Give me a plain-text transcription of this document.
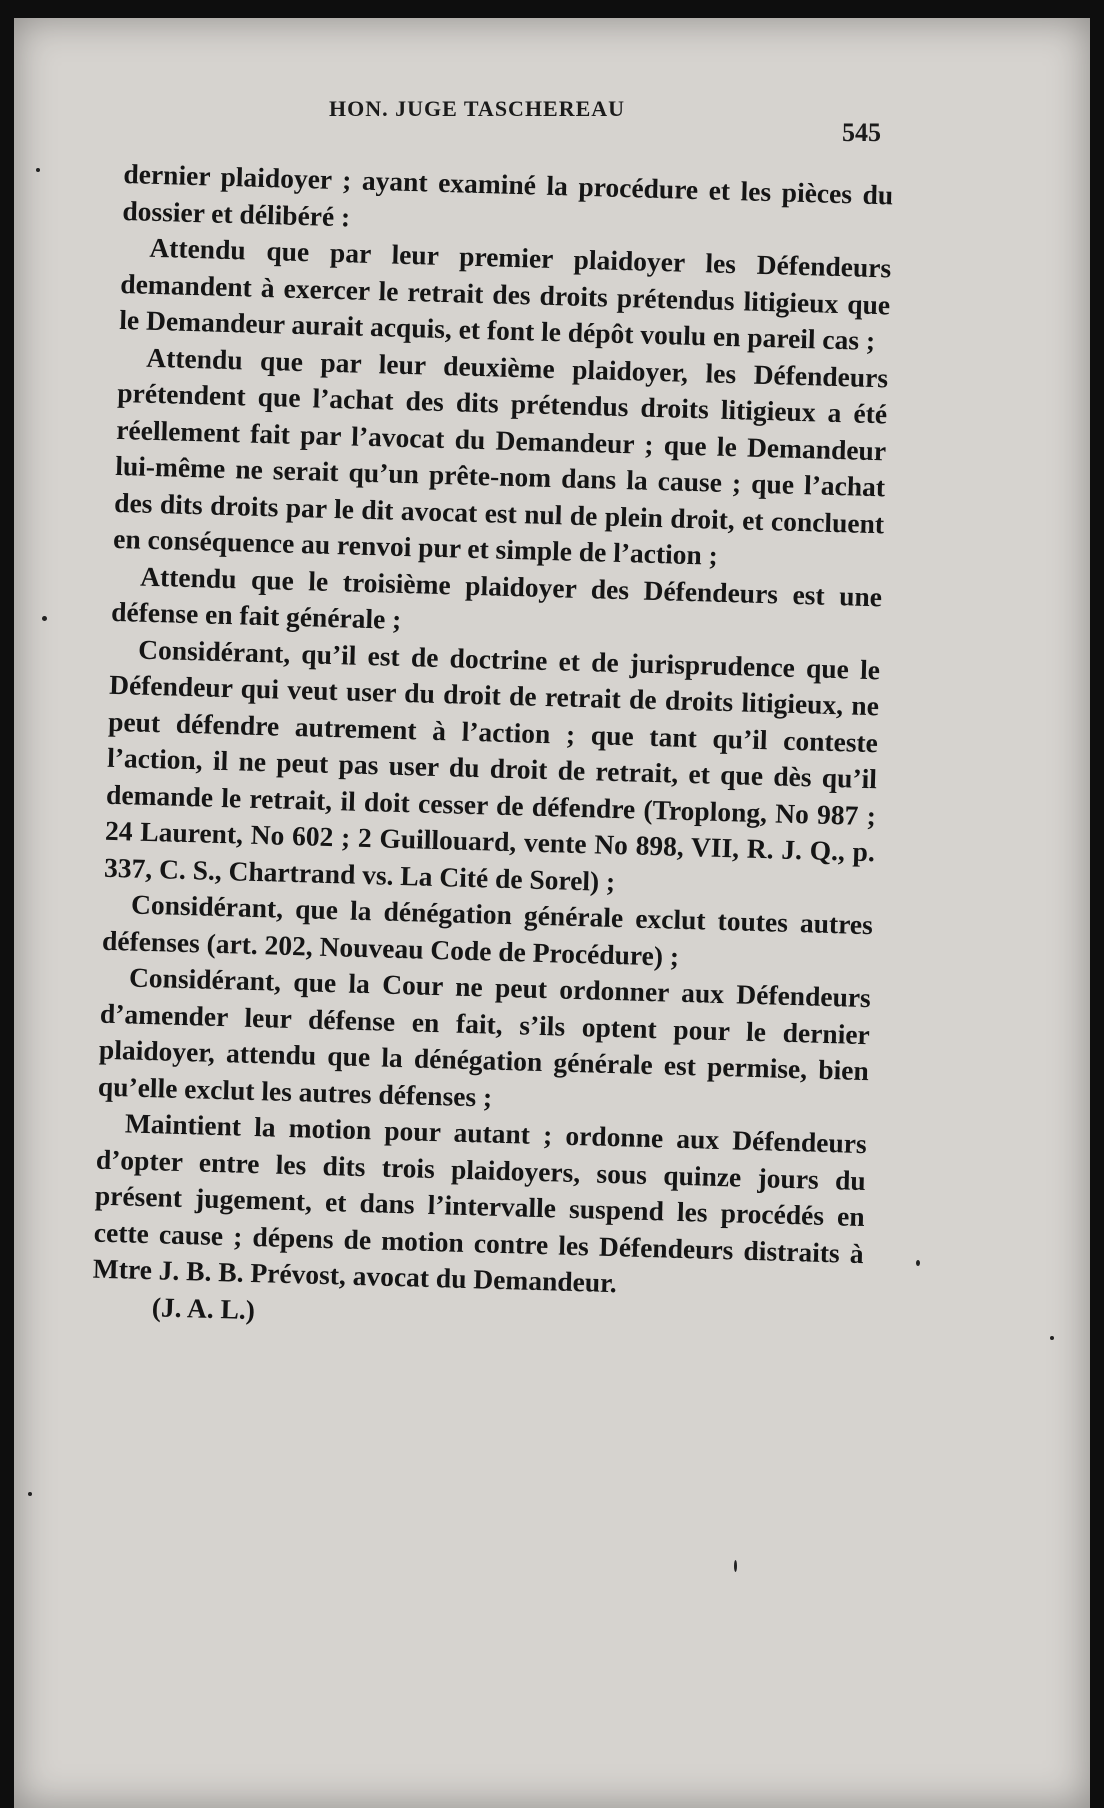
HON. JUGE TASCHEREAU
545

dernier plaidoyer ; ayant examiné la procédure et les pièces du dossier et délibéré :

Attendu que par leur premier plaidoyer les Défendeurs demandent à exercer le retrait des droits prétendus litigieux que le Demandeur aurait acquis, et font le dépôt voulu en pareil cas ;

Attendu que par leur deuxième plaidoyer, les Défendeurs prétendent que l’achat des dits prétendus droits litigieux a été réellement fait par l’avocat du Demandeur ; que le Demandeur lui-même ne serait qu’un prête-nom dans la cause ; que l’achat des dits droits par le dit avocat est nul de plein droit, et concluent en conséquence au renvoi pur et simple de l’action ;

Attendu que le troisième plaidoyer des Défendeurs est une défense en fait générale ;

Considérant, qu’il est de doctrine et de jurisprudence que le Défendeur qui veut user du droit de retrait de droits litigieux, ne peut défendre autrement à l’action ; que tant qu’il conteste l’action, il ne peut pas user du droit de retrait, et que dès qu’il demande le retrait, il doit cesser de défendre (Troplong, No 987 ; 24 Laurent, No 602 ; 2 Guillouard, vente No 898, VII, R. J. Q., p. 337, C. S., Chartrand vs. La Cité de Sorel) ;

Considérant, que la dénégation générale exclut toutes autres défenses (art. 202, Nouveau Code de Procédure) ;

Considérant, que la Cour ne peut ordonner aux Défendeurs d’amender leur défense en fait, s’ils optent pour le dernier plaidoyer, attendu que la dénégation générale est permise, bien qu’elle exclut les autres défenses ;

Maintient la motion pour autant ; ordonne aux Défendeurs d’opter entre les dits trois plaidoyers, sous quinze jours du présent jugement, et dans l’intervalle suspend les procédés en cette cause ; dépens de motion contre les Défendeurs distraits à Mtre J. B. B. Prévost, avocat du Demandeur.

(J. A. L.)
